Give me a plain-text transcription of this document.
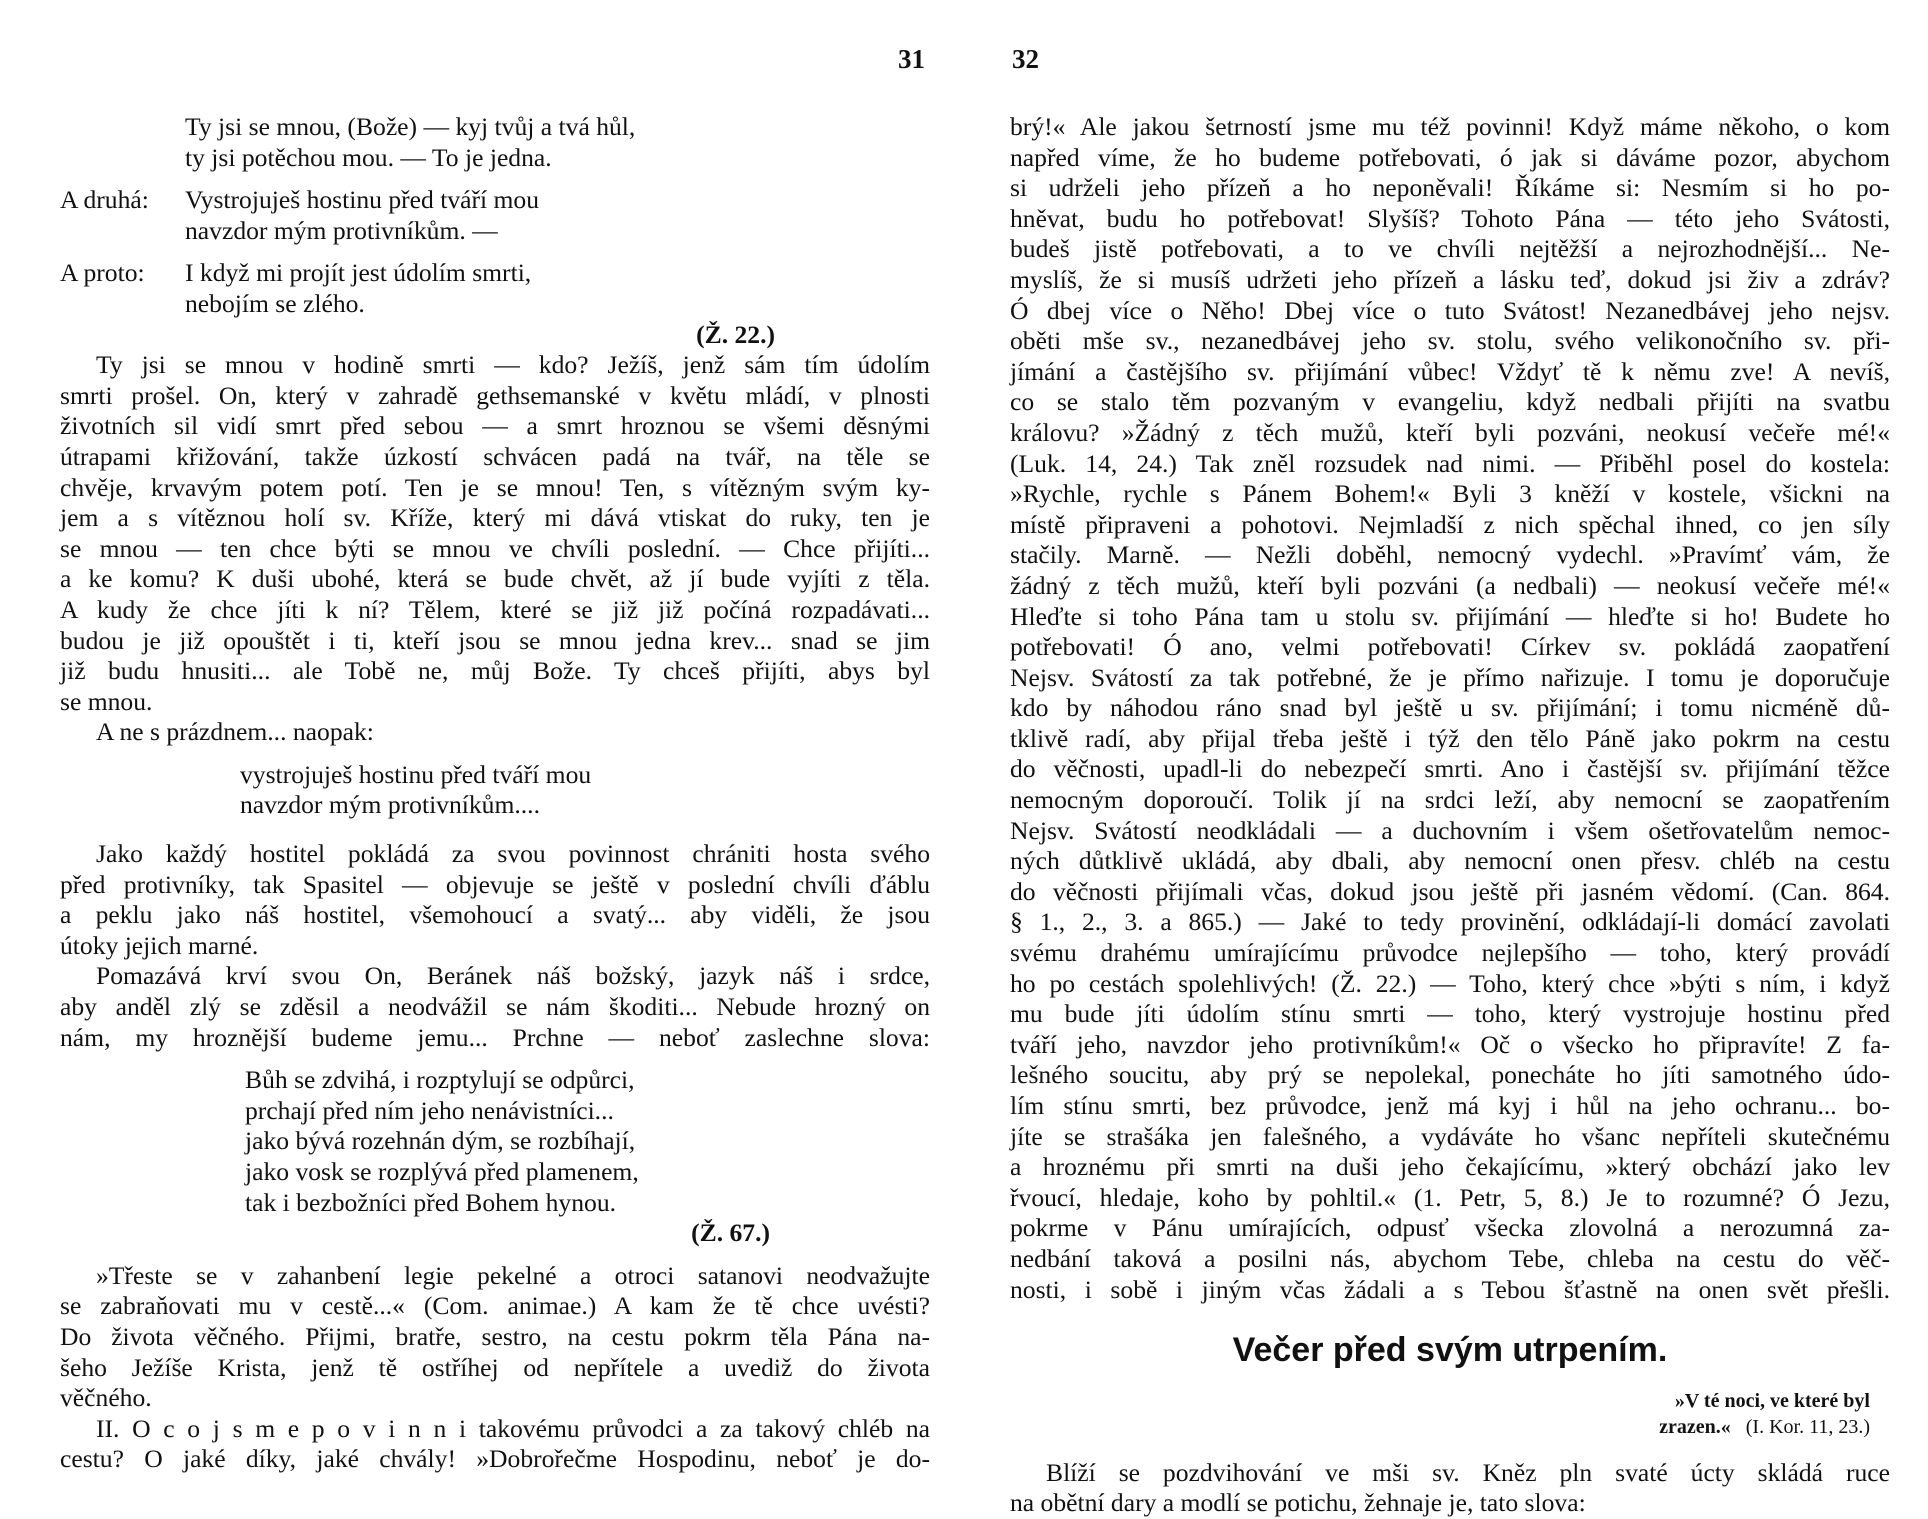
31	32
Ty jsi se mnou, (Bože) — kyj tvůj a tvá hůl,
ty jsi potěchou mou. — To je jedna.
A druhá:	Vystrojuješ hostinu před tváří mou
navzdor mým protivníkům. —
A proto:	I když mi projít jest údolím smrti,
nebojím se zlého.
(Ž. 22.)
Ty jsi se mnou v hodině smrti — kdo? Ježíš, jenž sám tím údolím
smrti prošel. On, který v zahradě gethsemanské v květu mládí, v plnosti
životních sil vidí smrt před sebou — a smrt hroznou se všemi děsnými
útrapami křižování, takže úzkostí schvácen padá na tvář, na těle se
chvěje, krvavým potem potí. Ten je se mnou! Ten, s vítězným svým ky-
jem a s vítěznou holí sv. Kříže, který mi dává vtiskat do ruky, ten je
se mnou — ten chce býti se mnou ve chvíli poslední. — Chce přijíti...
a ke komu? K duši ubohé, která se bude chvět, až jí bude vyjíti z těla.
A kudy že chce jíti k ní? Tělem, které se již již počíná rozpadávati...
budou je již opouštět i ti, kteří jsou se mnou jedna krev... snad se jim
již budu hnusiti... ale Tobě ne, můj Bože. Ty chceš přijíti, abys byl
se mnou.
A ne s prázdnem... naopak:
vystrojuješ hostinu před tváří mou
navzdor mým protivníkům....
Jako každý hostitel pokládá za svou povinnost chrániti hosta svého
před protivníky, tak Spasitel — objevuje se ještě v poslední chvíli ďáblu
a peklu jako náš hostitel, všemohoucí a svatý... aby viděli, že jsou
útoky jejich marné.
Pomazává krví svou On, Beránek náš božský, jazyk náš i srdce,
aby anděl zlý se zděsil a neodvážil se nám škoditi... Nebude hrozný on
nám, my hroznější budeme jemu... Prchne — neboť zaslechne slova:
Bůh se zdvihá, i rozptylují se odpůrci,
prchají před ním jeho nenávistníci...
jako bývá rozehnán dým, se rozbíhají,
jako vosk se rozplývá před plamenem,
tak i bezbožníci před Bohem hynou.
(Ž. 67.)
»Třeste se v zahanbení legie pekelné a otroci satanovi neodvažujte
se zabraňovati mu v cestě...« (Com. animae.) A kam že tě chce uvésti?
Do života věčného. Přijmi, bratře, sestro, na cestu pokrm těla Pána na-
šeho Ježíše Krista, jenž tě ostříhej od nepřítele a uvediž do života
věčného.
II. O c o j s m e p o v i n n i takovému průvodci a za takový chléb na
cestu? O jaké díky, jaké chvály! »Dobrořečme Hospodinu, neboť je do-
brý!« Ale jakou šetrností jsme mu též povinni! Když máme někoho, o kom
napřed víme, že ho budeme potřebovati, ó jak si dáváme pozor, abychom
si udrželi jeho přízeň a ho neponěvali! Říkáme si: Nesmím si ho po-
hněvat, budu ho potřebovat! Slyšíš? Tohoto Pána — této jeho Svátosti,
budeš jistě potřebovati, a to ve chvíli nejtěžší a nejrozhodnější... Ne-
myslíš, že si musíš udržeti jeho přízeň a lásku teď, dokud jsi živ a zdráv?
Ó dbej více o Něho! Dbej více o tuto Svátost! Nezanedbávej jeho nejsv.
oběti mše sv., nezanedbávej jeho sv. stolu, svého velikonočního sv. při-
jímání a častějšího sv. přijímání vůbec! Vždyť tě k němu zve! A nevíš,
co se stalo těm pozvaným v evangeliu, když nedbali přijíti na svatbu
královu? »Žádný z těch mužů, kteří byli pozváni, neokusí večeře mé!«
(Luk. 14, 24.) Tak zněl rozsudek nad nimi. — Přiběhl posel do kostela:
»Rychle, rychle s Pánem Bohem!« Byli 3 kněží v kostele, všickni na
místě připraveni a pohotovi. Nejmladší z nich spěchal ihned, co jen síly
stačily. Marně. — Nežli doběhl, nemocný vydechl. »Pravímť vám, že
žádný z těch mužů, kteří byli pozváni (a nedbali) — neokusí večeře mé!«
Hleďte si toho Pána tam u stolu sv. přijímání — hleďte si ho! Budete ho
potřebovati! Ó ano, velmi potřebovati! Církev sv. pokládá zaopatření
Nejsv. Svátostí za tak potřebné, že je přímo nařizuje. I tomu je doporučuje
kdo by náhodou ráno snad byl ještě u sv. přijímání; i tomu nicméně dů-
tklivě radí, aby přijal třeba ještě i týž den tělo Páně jako pokrm na cestu
do věčnosti, upadl-li do nebezpečí smrti. Ano i častější sv. přijímání těžce
nemocným doporoučí. Tolik jí na srdci leží, aby nemocní se zaopatřením
Nejsv. Svátostí neodkládali — a duchovním i všem ošetřovatelům nemoc-
ných důtklivě ukládá, aby dbali, aby nemocní onen přesv. chléb na cestu
do věčnosti přijímali včas, dokud jsou ještě při jasném vědomí. (Can. 864.
§ 1., 2., 3. a 865.) — Jaké to tedy provinění, odkládají-li domácí zavolati
svému drahému umírajícímu průvodce nejlepšího — toho, který provádí
ho po cestách spolehlivých! (Ž. 22.) — Toho, který chce »býti s ním, i když
mu bude jíti údolím stínu smrti — toho, který vystrojuje hostinu před
tváří jeho, navzdor jeho protivníkům!« Oč o všecko ho připravíte! Z fa-
lešného soucitu, aby prý se nepolekal, ponecháte ho jíti samotného údo-
lím stínu smrti, bez průvodce, jenž má kyj i hůl na jeho ochranu... bo-
jíte se strašáka jen falešného, a vydáváte ho všanc nepříteli skutečnému
a hroznému při smrti na duši jeho čekajícímu, »který obchází jako lev
řvoucí, hledaje, koho by pohltil.« (1. Petr, 5, 8.) Je to rozumné? Ó Jezu,
pokrme v Pánu umírajících, odpusť všecka zlovolná a nerozumná za-
nedbání taková a posilni nás, abychom Tebe, chleba na cestu do věč-
nosti, i sobě i jiným včas žádali a s Tebou šťastně na onen svět přešli.
Večer před svým utrpením.
»V té noci, ve které byl
zrazen.« (I. Kor. 11, 23.)
Blíží se pozdvihování ve mši sv. Kněz pln svaté úcty skládá ruce
na obětní dary a modlí se potichu, žehnaje je, tato slova:
